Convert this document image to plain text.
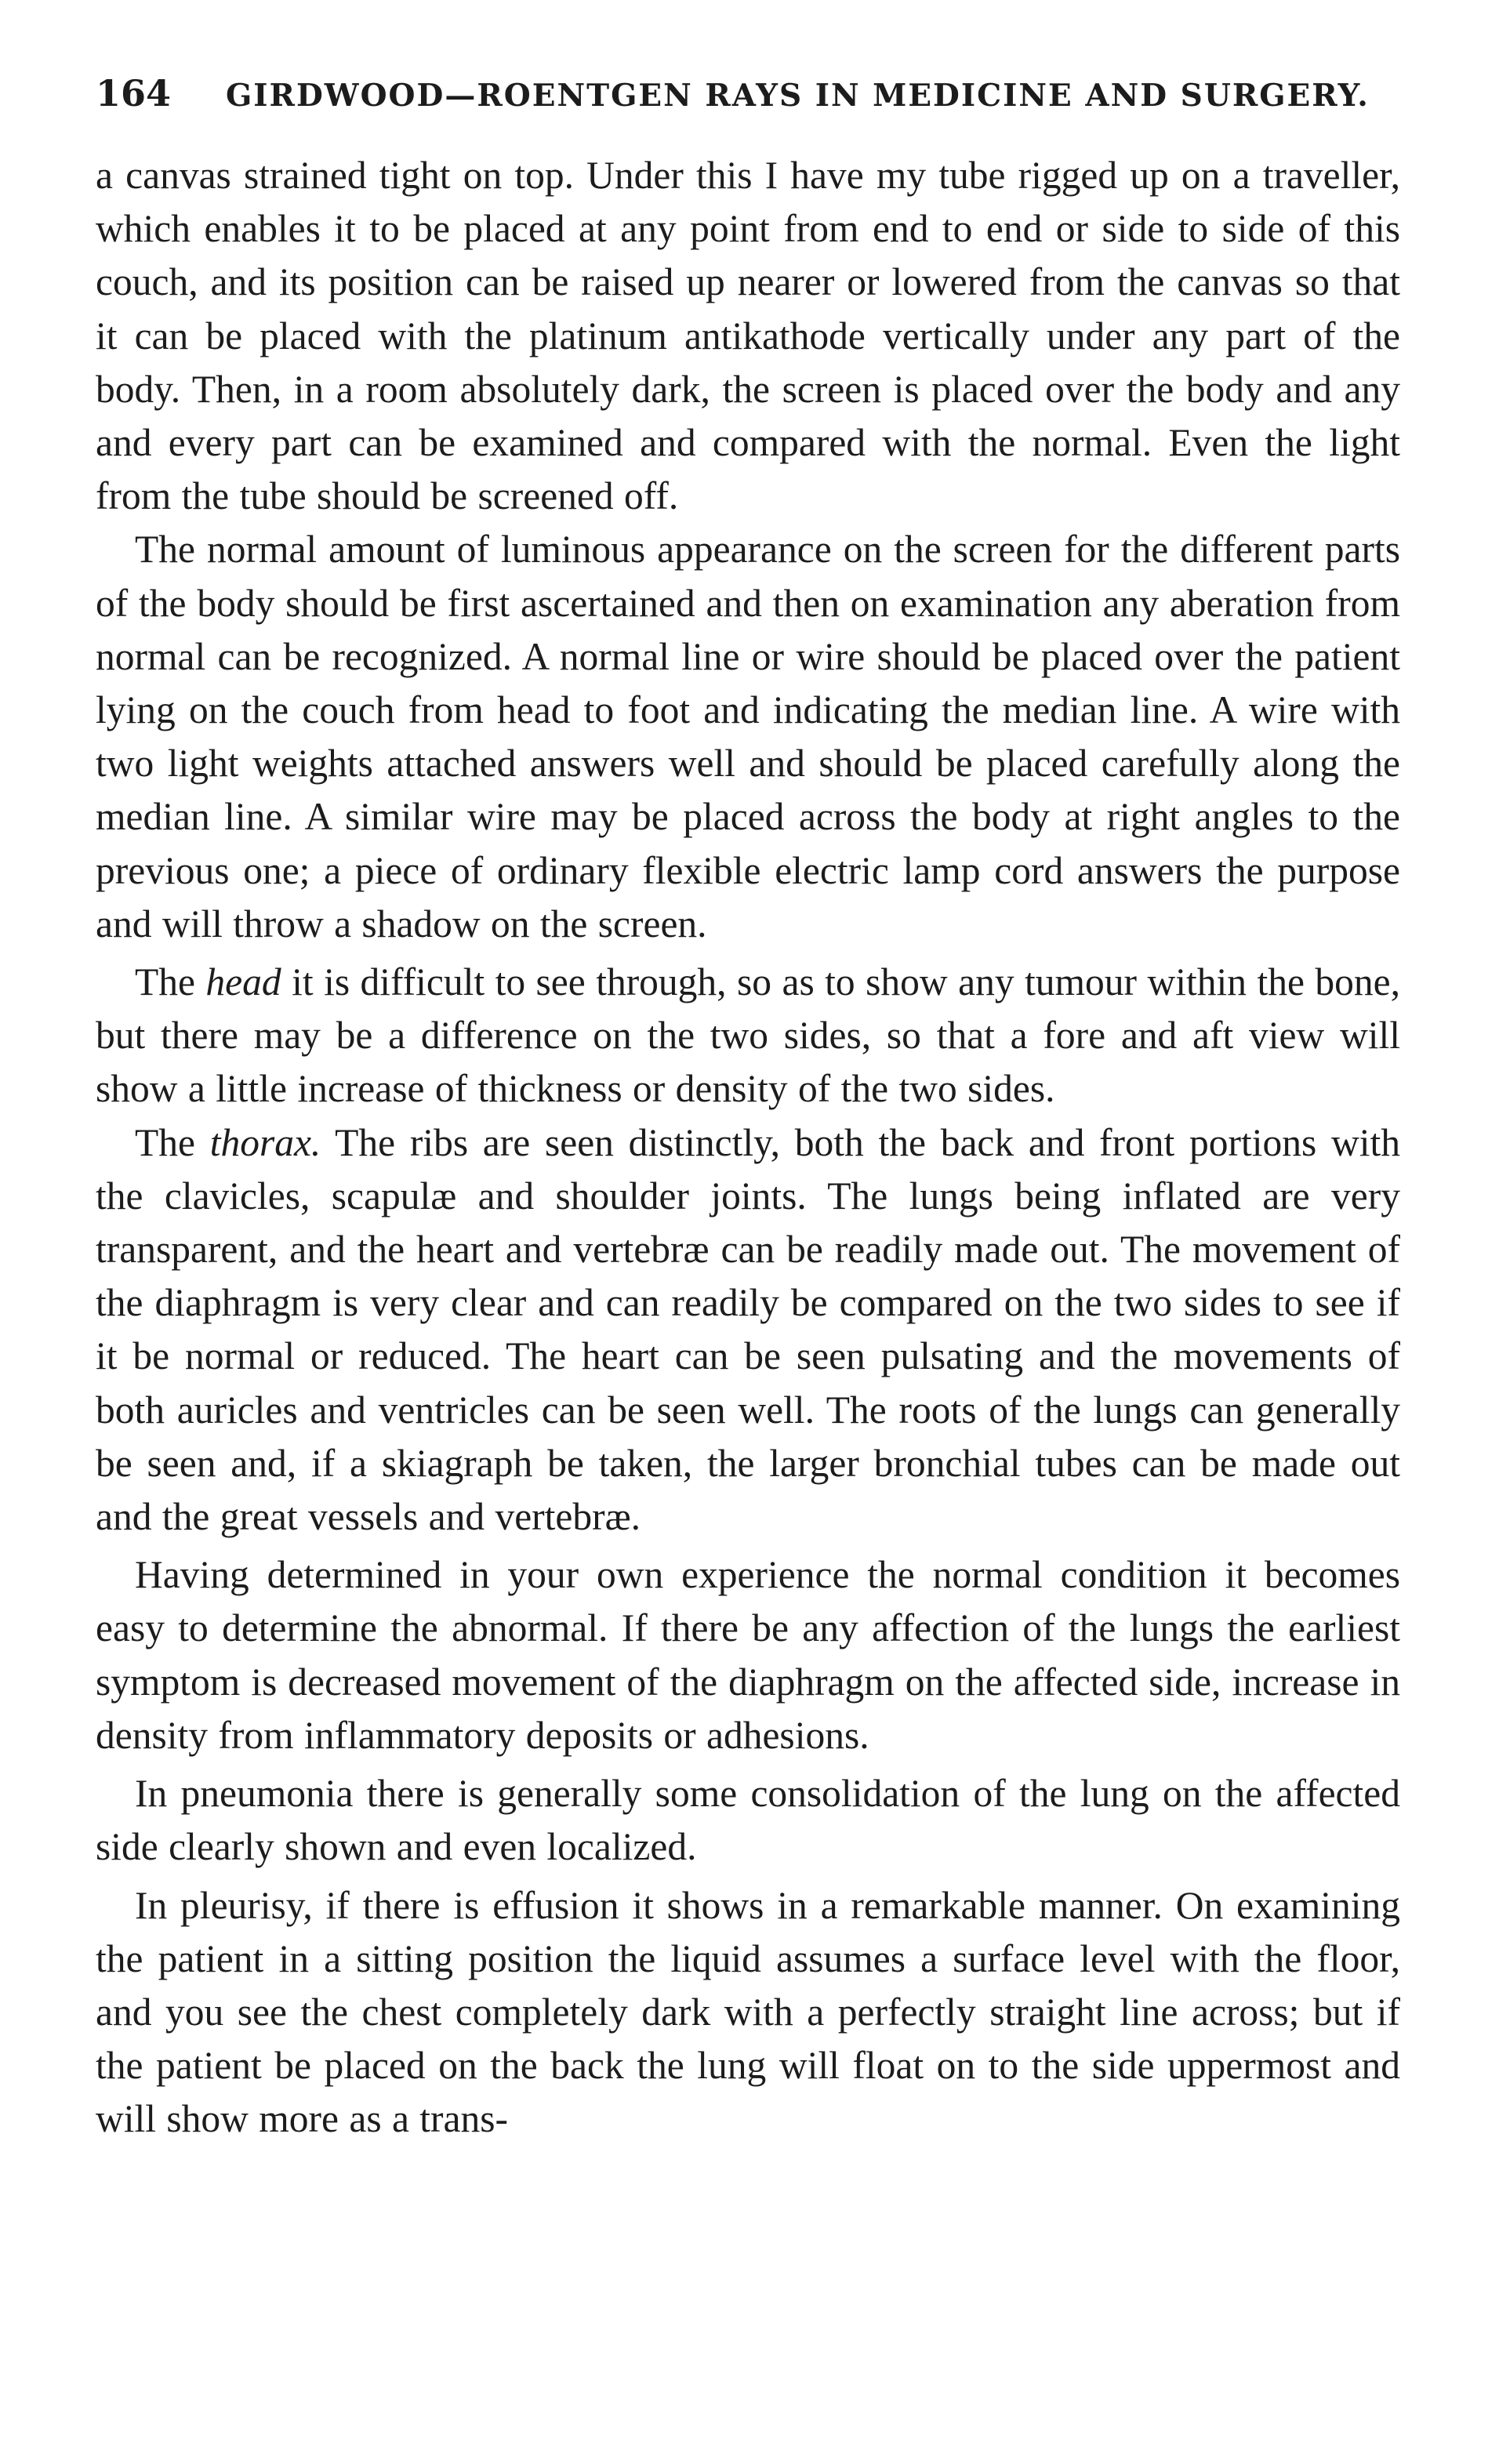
164	GIRDWOOD—ROENTGEN RAYS IN MEDICINE AND SURGERY.

a canvas strained tight on top. Under this I have my tube rigged up on a traveller, which enables it to be placed at any point from end to end or side to side of this couch, and its position can be raised up nearer or lowered from the canvas so that it can be placed with the platinum antikathode vertically under any part of the body. Then, in a room absolutely dark, the screen is placed over the body and any and every part can be examined and compared with the normal. Even the light from the tube should be screened off.

The normal amount of luminous appearance on the screen for the different parts of the body should be first ascertained and then on examination any aberation from normal can be recognized. A normal line or wire should be placed over the patient lying on the couch from head to foot and indicating the median line. A wire with two light weights attached answers well and should be placed carefully along the median line. A similar wire may be placed across the body at right angles to the previous one; a piece of ordinary flexible electric lamp cord answers the purpose and will throw a shadow on the screen.

The head it is difficult to see through, so as to show any tumour within the bone, but there may be a difference on the two sides, so that a fore and aft view will show a little increase of thickness or density of the two sides.

The thorax. The ribs are seen distinctly, both the back and front portions with the clavicles, scapulæ and shoulder joints. The lungs being inflated are very transparent, and the heart and vertebræ can be readily made out. The movement of the diaphragm is very clear and can readily be compared on the two sides to see if it be normal or reduced. The heart can be seen pulsating and the movements of both auricles and ventricles can be seen well. The roots of the lungs can generally be seen and, if a skiagraph be taken, the larger bronchial tubes can be made out and the great vessels and vertebræ.

Having determined in your own experience the normal condition it becomes easy to determine the abnormal. If there be any affection of the lungs the earliest symptom is decreased movement of the diaphragm on the affected side, increase in density from inflammatory deposits or adhesions.

In pneumonia there is generally some consolidation of the lung on the affected side clearly shown and even localized.

In pleurisy, if there is effusion it shows in a remarkable manner. On examining the patient in a sitting position the liquid assumes a surface level with the floor, and you see the chest completely dark with a perfectly straight line across; but if the patient be placed on the back the lung will float on to the side uppermost and will show more as a trans-
